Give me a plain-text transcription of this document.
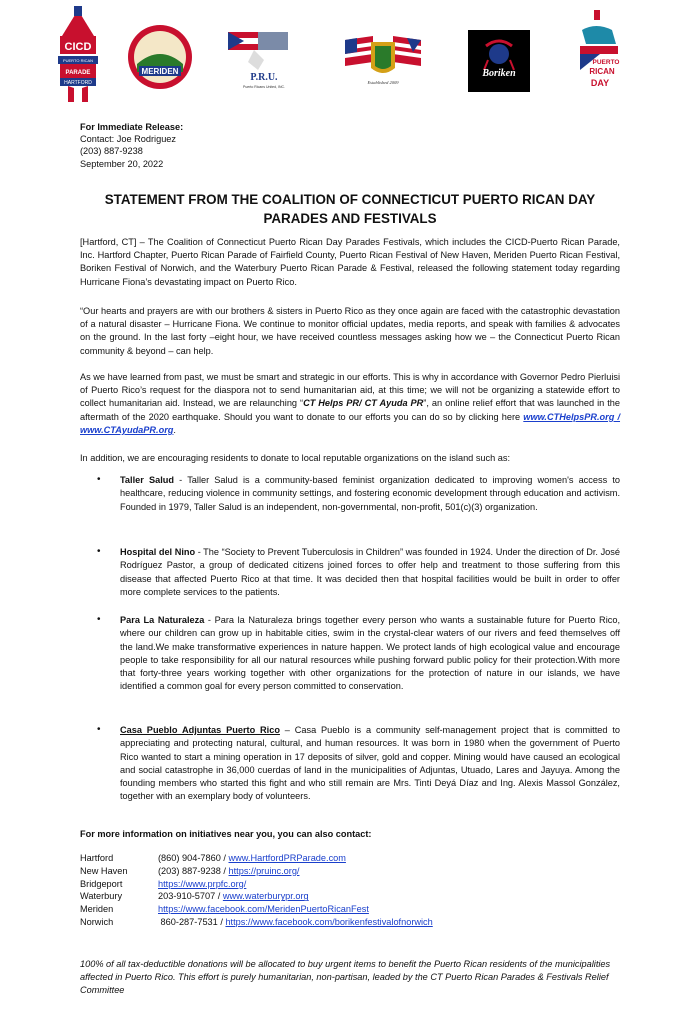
CICD
PUERTO RICAN
PARADE
HARTFORD
MERIDEN
P.R.U.
Puerto Ricans United, INC.
Established 2009
Boriken
PUERTO
RICAN
DAY
For Immediate Release:
Contact: Joe Rodriguez
(203) 887-9238
September 20, 2022
STATEMENT FROM THE COALITION OF CONNECTICUT PUERTO RICAN DAY
PARADES AND FESTIVALS
[Hartford, CT] – The Coalition of Connecticut Puerto Rican Day Parades Festivals, which includes the CICD-Puerto Rican Parade, Inc. Hartford Chapter, Puerto Rican Parade of Fairfield County, Puerto Rican Festival of New Haven, Meriden Puerto Rican Festival, Boriken Festival of Norwich, and the Waterbury Puerto Rican Parade & Festival, released the following statement today regarding Hurricane Fiona’s devastating impact on Puerto Rico.
“Our hearts and prayers are with our brothers & sisters in Puerto Rico as they once again are faced with the catastrophic devastation of a natural disaster – Hurricane Fiona. We continue to monitor official updates, media reports, and speak with families & advocates on the ground. In the last forty –eight hour, we have received countless messages asking how we – the Connecticut Puerto Rican community & beyond – can help.
As we have learned from past, we must be smart and strategic in our efforts. This is why in accordance with Governor Pedro Pierluisi of Puerto Rico’s request for the diaspora not to send humanitarian aid, at this time; we will not be organizing a statewide effort to collect humanitarian aid. Instead, we are relaunching “CT Helps PR/ CT Ayuda PR”, an online relief effort that was launched in the aftermath of the 2020 earthquake. Should you want to donate to our efforts you can do so by clicking here www.CTHelpsPR.org / www.CTAyudaPR.org.
In addition, we are encouraging residents to donate to local reputable organizations on the island such as:
•	Taller Salud - Taller Salud is a community-based feminist organization dedicated to improving women's access to healthcare, reducing violence in community settings, and fostering economic development through education and activism. Founded in 1979, Taller Salud is an independent, non-governmental, non-profit, 501(c)(3) organization.
•	Hospital del Nino - The “Society to Prevent Tuberculosis in Children” was founded in 1924. Under the direction of Dr. José Rodríguez Pastor, a group of dedicated citizens joined forces to offer help and treatment to those suffering from this disease that affected Puerto Rico at that time. It was decided then that hospital facilities would be built in order to offer more complete services to the patients.
•	Para La Naturaleza - Para la Naturaleza brings together every person who wants a sustainable future for Puerto Rico, where our children can grow up in habitable cities, swim in the crystal-clear waters of our rivers and feed themselves off the land.We make transformative experiences in nature happen. We protect lands of high ecological value and encourage people to take responsibility for all our natural resources while pushing forward public policy for their protection.With more that forty-three years working together with other organizations for the protection of nature in our islands, we have identified a common goal for every person committed to conservation.
•	Casa Pueblo Adjuntas Puerto Rico – Casa Pueblo is a community self-management project that is committed to appreciating and protecting natural, cultural, and human resources. It was born in 1980 when the government of Puerto Rico wanted to start a mining operation in 17 deposits of silver, gold and copper. Mining would have caused an ecological and social catastrophe in 36,000 cuerdas of land in the municipalities of Adjuntas, Utuado, Lares and Jayuya. Among the founding members who started this fight and who still remain are Mrs. Tinti Deyá Díaz and Ing. Alexis Massol González, together with an exemplary body of volunteers.
For more information on initiatives near you, you can also contact:
Hartford	(860) 904-7860 / www.HartfordPRParade.com
New Haven	(203) 887-9238 / https://pruinc.org/
Bridgeport	https://www.prpfc.org/
Waterbury	203-910-5707 / www.waterburypr.org
Meriden	https://www.facebook.com/MeridenPuertoRicanFest
Norwich	860-287-7531 / https://www.facebook.com/borikenfestivalofnorwich
100% of all tax-deductible donations will be allocated to buy urgent items to benefit the Puerto Rican residents of the municipalities affected in Puerto Rico. This effort is purely humanitarian, non-partisan, leaded by the CT Puerto Rican Parades & Festivals Relief Committee
